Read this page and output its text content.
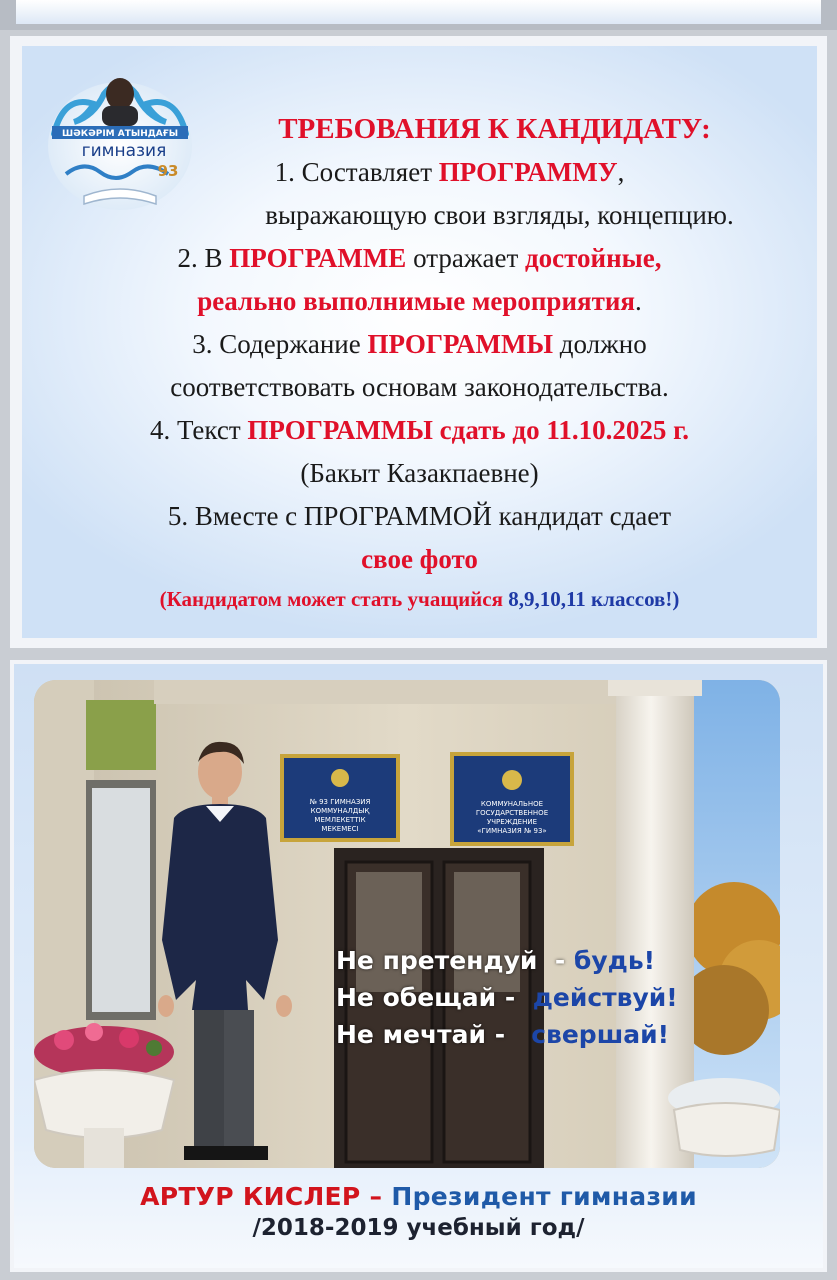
ШӘКӘРІМ АТЫНДАҒЫ
гимназия
93
ТРЕБОВАНИЯ К КАНДИДАТУ:
1. Составляет ПРОГРАММУ,
выражающую свои взгляды, концепцию.
2. В ПРОГРАММЕ отражает достойные,
реально выполнимые мероприятия.
3. Содержание ПРОГРАММЫ должно
соответствовать основам законодательства.
4. Текст ПРОГРАММЫ сдать до 11.10.2025 г.
(Бакыт Казакпаевне)
5. Вместе с ПРОГРАММОЙ кандидат сдает
свое фото
(Кандидатом может стать учащийся 8,9,10,11 классов!)
№ 93 ГИМНАЗИЯ
КОММУНАЛДЫҚ
МЕМЛЕКЕТТІК
МЕКЕМЕСІ
КОММУНАЛЬНОЕ
ГОСУДАРСТВЕННОЕ
УЧРЕЖДЕНИЕ
«ГИМНАЗИЯ № 93»
Не претендуй  - будь!
Не обещай -  действуй!
Не мечтай -   свершай!
АРТУР КИСЛЕР – Президент гимназии
/2018-2019 учебный год/
